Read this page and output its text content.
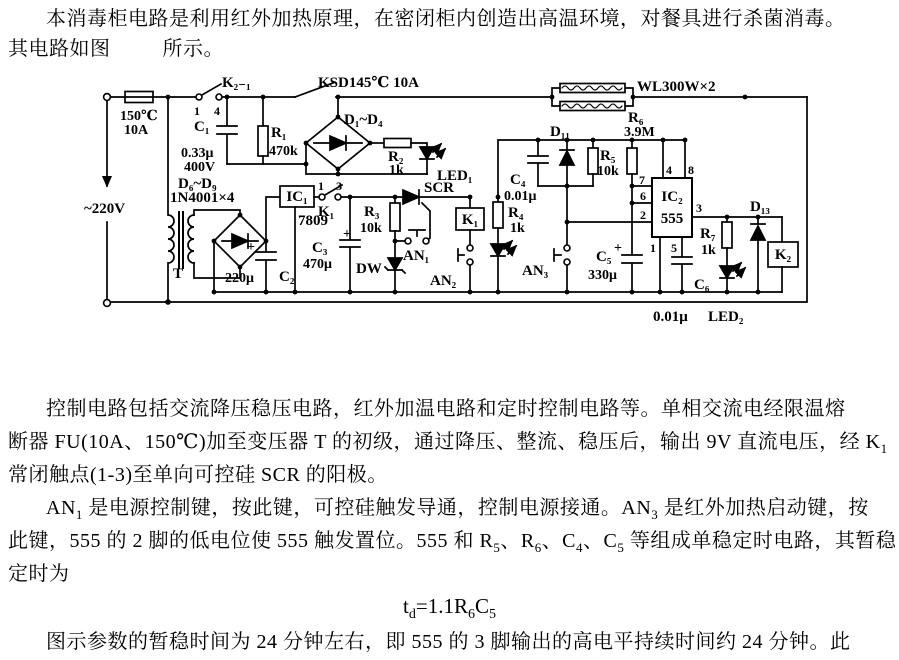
本消毒柜电路是利用红外加热原理，在密闭柜内创造出高温环境，对餐具进行杀菌消毒。
其电路如图	所示。
150℃
10A
~220V
K₂₋₁
1 4
C₁
0.33μ
400V
R₁
470k
KSD145℃ 10A
D₁~D₄
R₂
1k LED₁
WL300W×2
D₆~D₉
1N4001×4
T	220μ C₂
+
IC₁
7809
1 3
K₁
C₃
470μ
+
R₃
10k
DW
AN₁
AN₂
SCR
K₁ R₄
1k
C₄
0.01μ
D₁₁
R₅
10k
R₆
3.9M
AN₃
C₅
+
330μ
IC₂
555
4 8
7
6
2
1 5
3
C₆
R₇
1k
D₁₃
K₂
0.01μ LED₂
控制电路包括交流降压稳压电路，红外加温电路和定时控制电路等。单相交流电经限温熔
断器 FU(10A、150℃)加至变压器 T 的初级，通过降压、整流、稳压后，输出 9V 直流电压，经 $K_1$
常闭触点(1-3)至单向可控硅 SCR 的阳极。
$AN_1$ 是电源控制键，按此键，可控硅触发导通，控制电源接通。$AN_3$ 是红外加热启动键，按
此键，555 的 2 脚的低电位使 555 触发置位。555 和 $R_5$、$R_6$、$C_4$、$C_5$ 等组成单稳定时电路，其暂稳
定时为
$t_d=1.1R_6C_5$
图示参数的暂稳时间为 24 分钟左右，即 555 的 3 脚输出的高电平持续时间约 24 分钟。此
